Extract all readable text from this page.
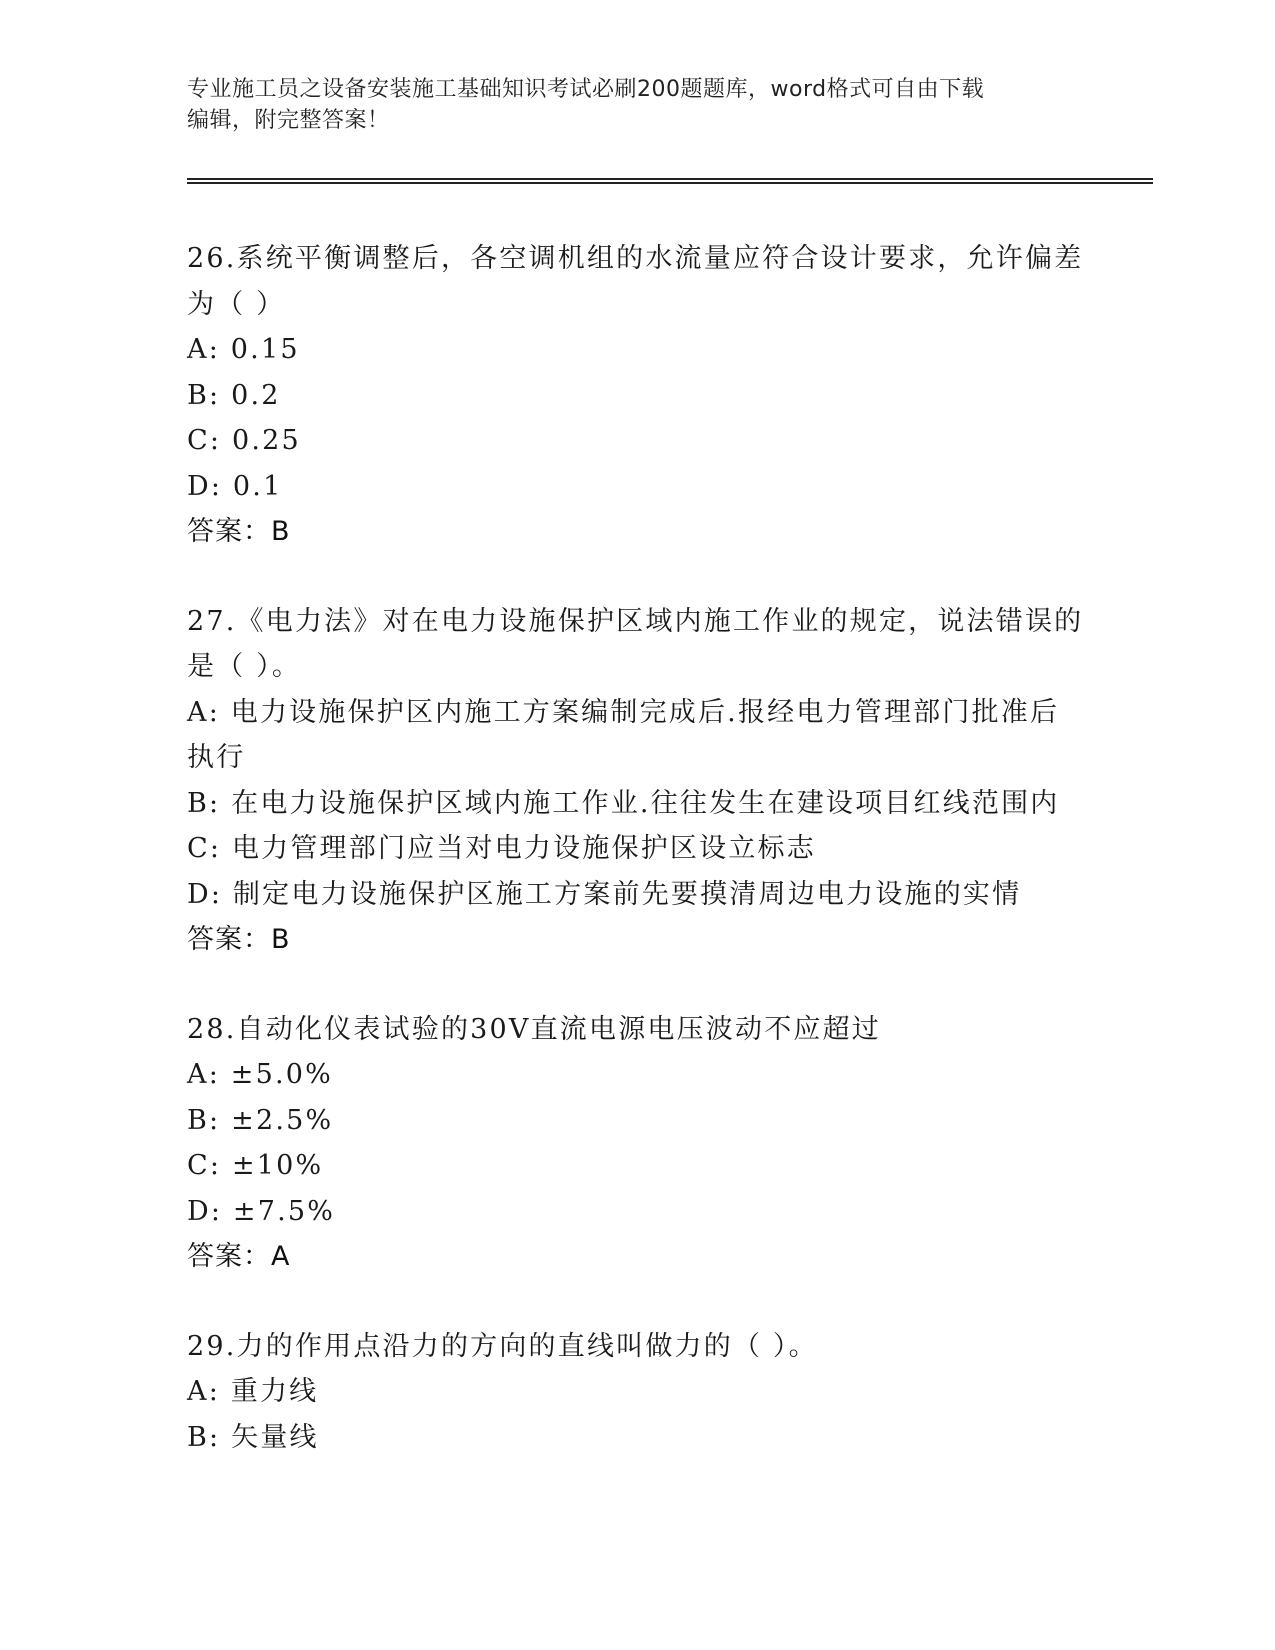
专业施工员之设备安装施工基础知识考试必刷200题题库，word格式可自由下载
编辑，附完整答案！
26.系统平衡调整后，各空调机组的水流量应符合设计要求，允许偏差
为（ ）
A: 0.15
B: 0.2
C: 0.25
D: 0.1
答案：B
27.《电力法》对在电力设施保护区域内施工作业的规定，说法错误的
是（ ）。
A: 电力设施保护区内施工方案编制完成后.报经电力管理部门批准后
执行
B: 在电力设施保护区域内施工作业.往往发生在建设项目红线范围内
C: 电力管理部门应当对电力设施保护区设立标志
D: 制定电力设施保护区施工方案前先要摸清周边电力设施的实情
答案：B
28.自动化仪表试验的30V直流电源电压波动不应超过
A: ±5.0%
B: ±2.5%
C: ±10%
D: ±7.5%
答案：A
29.力的作用点沿力的方向的直线叫做力的（ ）。
A: 重力线
B: 矢量线
